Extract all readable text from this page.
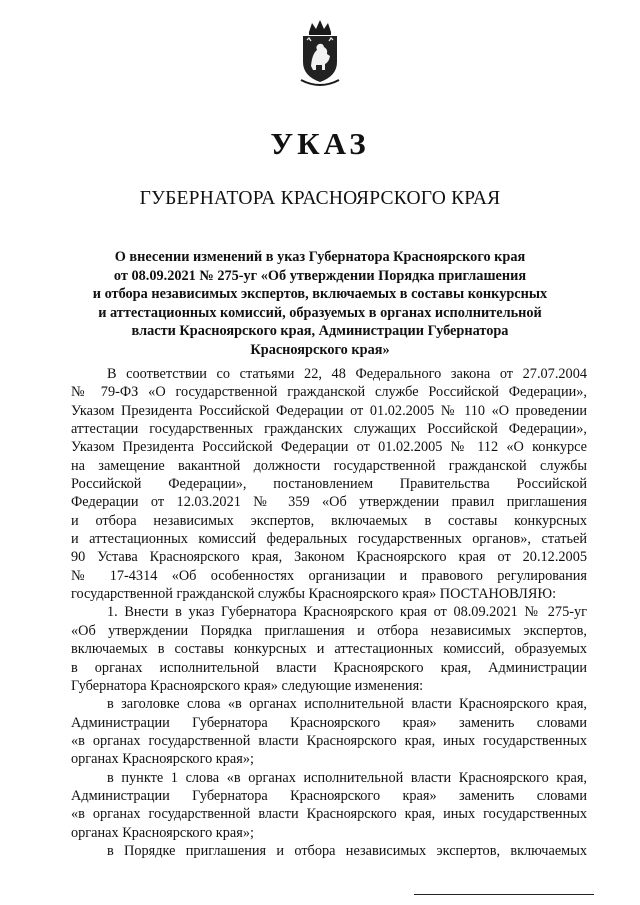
УКАЗ
ГУБЕРНАТОРА КРАСНОЯРСКОГО КРАЯ
О внесении изменений в указ Губернатора Красноярского края
от 08.09.2021 № 275-уг «Об утверждении Порядка приглашения
и отбора независимых экспертов, включаемых в составы конкурсных
и аттестационных комиссий, образуемых в органах исполнительной
власти Красноярского края, Администрации Губернатора
Красноярского края»
В соответствии со статьями 22, 48 Федерального закона от 27.07.2004
№ 79-ФЗ «О государственной гражданской службе Российской Федерации»,
Указом Президента Российской Федерации от 01.02.2005 № 110 «О проведении
аттестации государственных гражданских служащих Российской Федерации»,
Указом Президента Российской Федерации от 01.02.2005 № 112 «О конкурсе
на замещение вакантной должности государственной гражданской службы
Российской Федерации», постановлением Правительства Российской
Федерации от 12.03.2021 № 359 «Об утверждении правил приглашения
и отбора независимых экспертов, включаемых в составы конкурсных
и аттестационных комиссий федеральных государственных органов», статьей
90 Устава Красноярского края, Законом Красноярского края от 20.12.2005
№ 17-4314 «Об особенностях организации и правового регулирования
государственной гражданской службы Красноярского края» ПОСТАНОВЛЯЮ:
1. Внести в указ Губернатора Красноярского края от 08.09.2021 № 275-уг
«Об утверждении Порядка приглашения и отбора независимых экспертов,
включаемых в составы конкурсных и аттестационных комиссий, образуемых
в органах исполнительной власти Красноярского края, Администрации
Губернатора Красноярского края» следующие изменения:
в заголовке слова «в органах исполнительной власти Красноярского края,
Администрации Губернатора Красноярского края» заменить словами
«в органах государственной власти Красноярского края, иных государственных
органах Красноярского края»;
в пункте 1 слова «в органах исполнительной власти Красноярского края,
Администрации Губернатора Красноярского края» заменить словами
«в органах государственной власти Красноярского края, иных государственных
органах Красноярского края»;
в Порядке приглашения и отбора независимых экспертов, включаемых
